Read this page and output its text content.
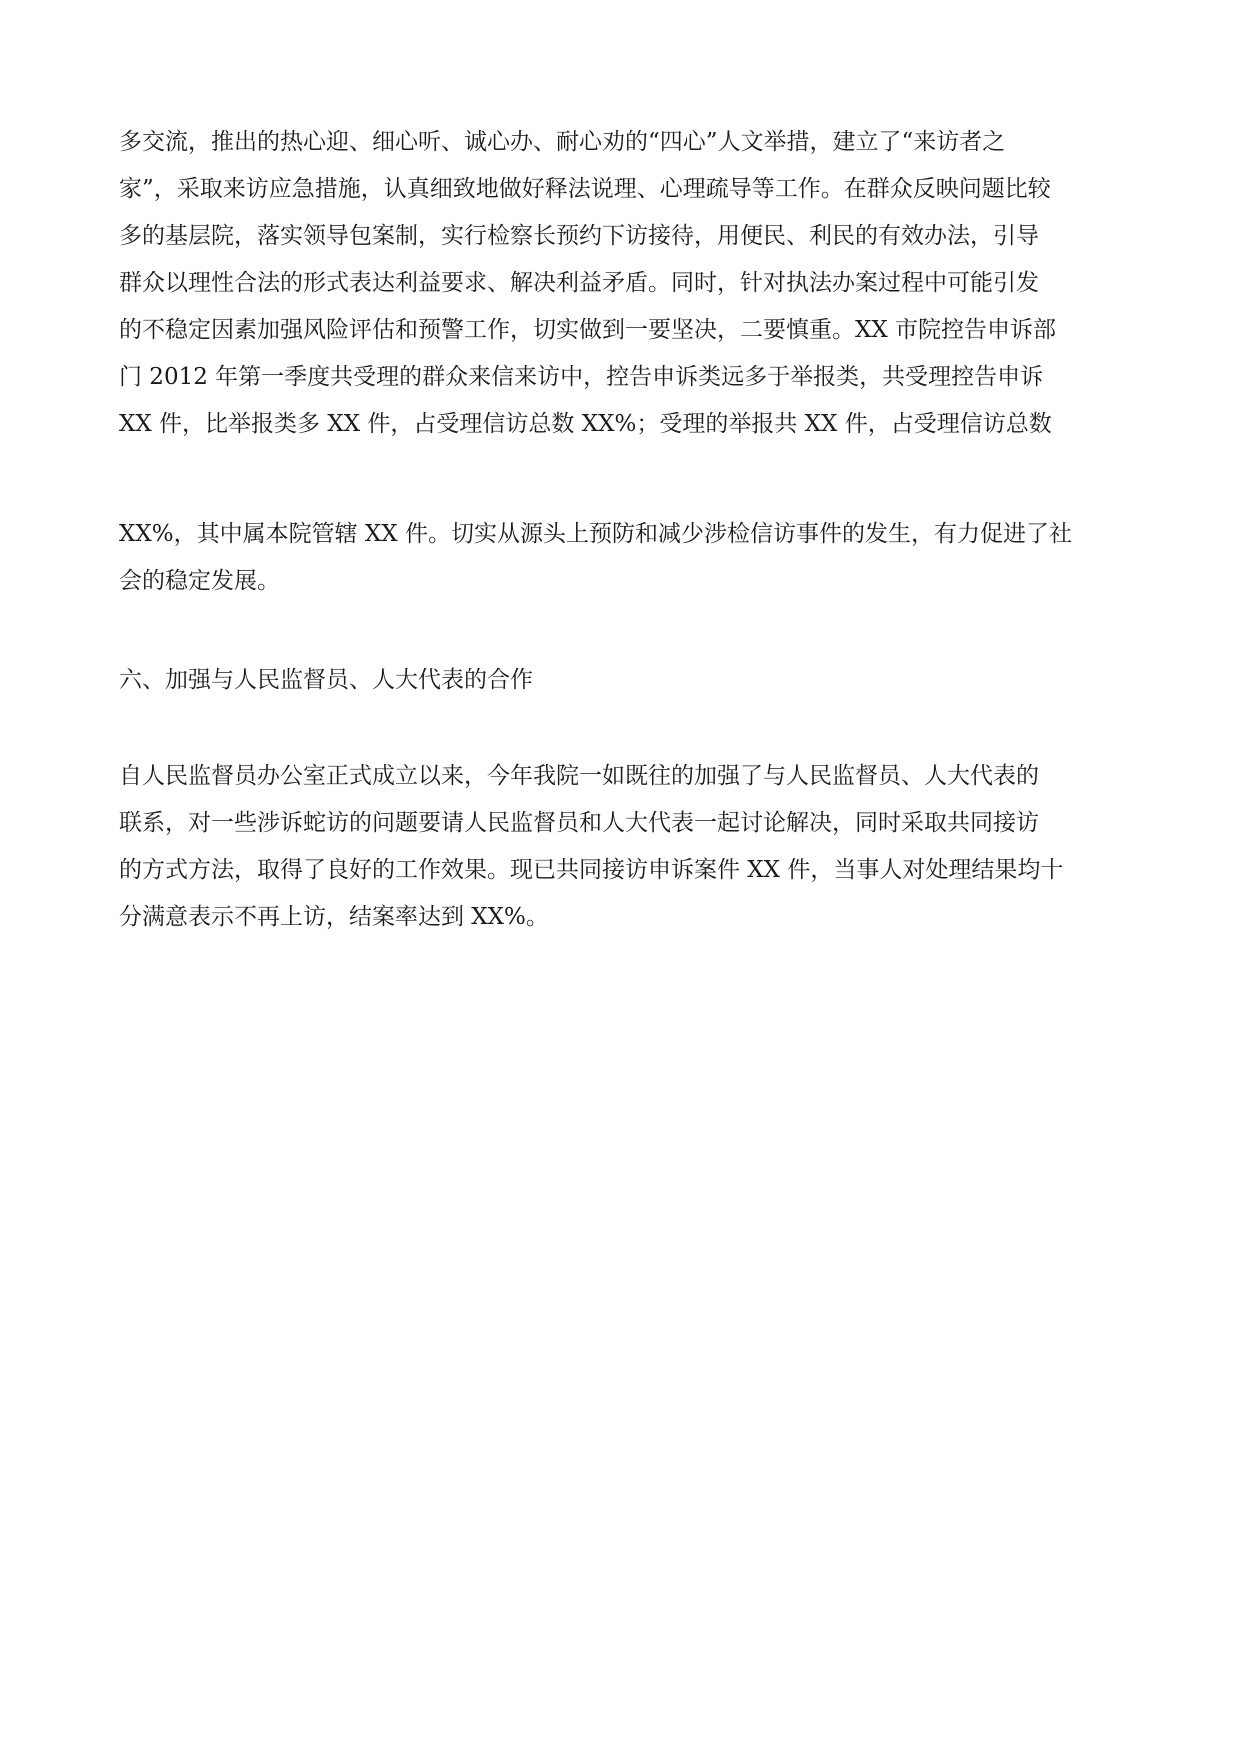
多交流，推出的热心迎、细心听、诚心办、耐心劝的“四心”人文举措，建立了“来访者之
家”，采取来访应急措施，认真细致地做好释法说理、心理疏导等工作。在群众反映问题比较
多的基层院，落实领导包案制，实行检察长预约下访接待，用便民、利民的有效办法，引导
群众以理性合法的形式表达利益要求、解决利益矛盾。同时，针对执法办案过程中可能引发
的不稳定因素加强风险评估和预警工作，切实做到一要坚决，二要慎重。XX 市院控告申诉部
门 2012 年第一季度共受理的群众来信来访中，控告申诉类远多于举报类，共受理控告申诉
XX 件，比举报类多 XX 件，占受理信访总数 XX%；受理的举报共 XX 件，占受理信访总数
XX%，其中属本院管辖 XX 件。切实从源头上预防和减少涉检信访事件的发生，有力促进了社
会的稳定发展。
六、加强与人民监督员、人大代表的合作
自人民监督员办公室正式成立以来，今年我院一如既往的加强了与人民监督员、人大代表的
联系，对一些涉诉蛇访的问题要请人民监督员和人大代表一起讨论解决，同时采取共同接访
的方式方法，取得了良好的工作效果。现已共同接访申诉案件 XX 件，当事人对处理结果均十
分满意表示不再上访，结案率达到 XX%。
